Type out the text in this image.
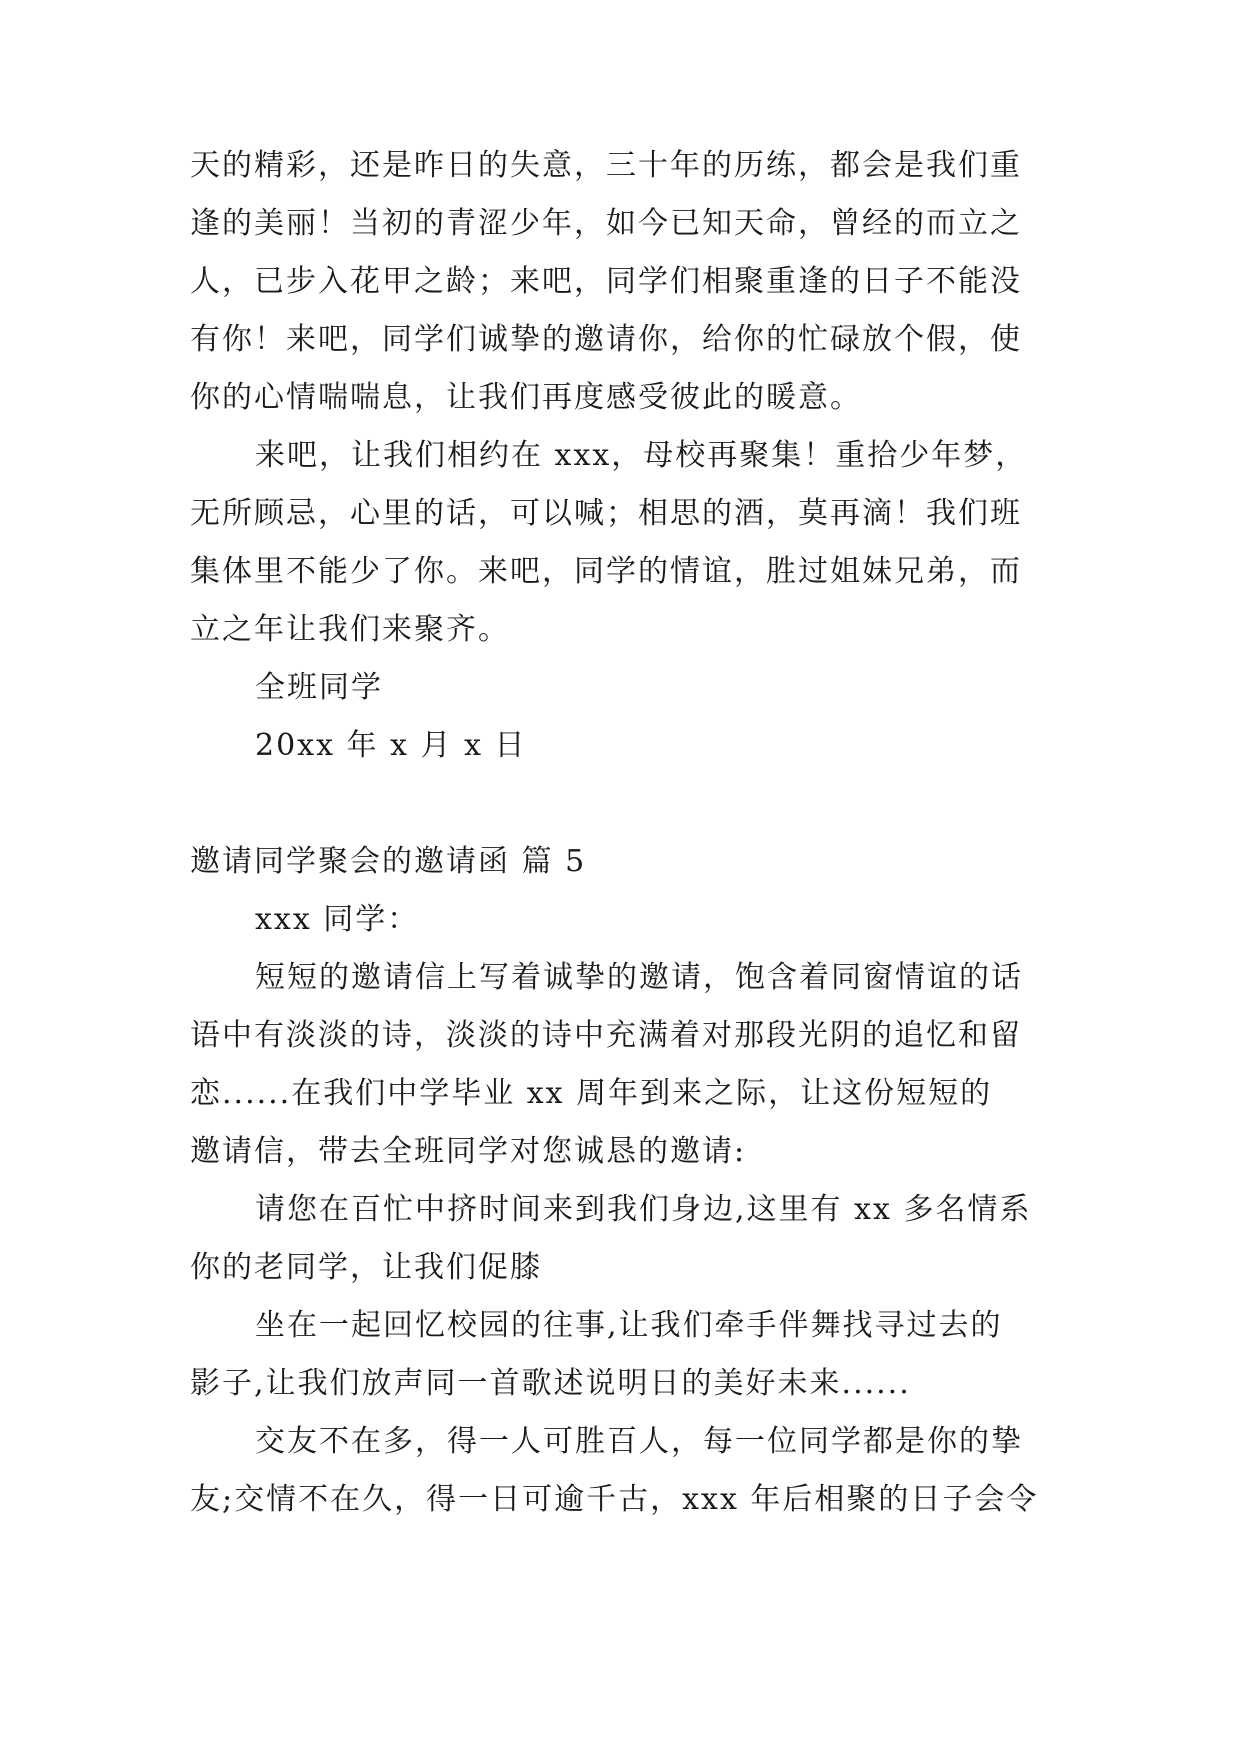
天的精彩，还是昨日的失意，三十年的历练，都会是我们重
逢的美丽！当初的青涩少年，如今已知天命，曾经的而立之
人，已步入花甲之龄；来吧，同学们相聚重逢的日子不能没
有你！来吧，同学们诚挚的邀请你，给你的忙碌放个假，使
你的心情喘喘息，让我们再度感受彼此的暖意。
来吧，让我们相约在 xxx，母校再聚集！重拾少年梦，
无所顾忌，心里的话，可以喊；相思的酒，莫再滴！我们班
集体里不能少了你。来吧，同学的情谊，胜过姐妹兄弟，而
立之年让我们来聚齐。
全班同学
20xx 年 x 月 x 日
邀请同学聚会的邀请函 篇 5
xxx 同学：
短短的邀请信上写着诚挚的邀请，饱含着同窗情谊的话
语中有淡淡的诗，淡淡的诗中充满着对那段光阴的追忆和留
恋......在我们中学毕业 xx 周年到来之际，让这份短短的
邀请信，带去全班同学对您诚恳的邀请:
请您在百忙中挤时间来到我们身边,这里有 xx 多名情系
你的老同学，让我们促膝
坐在一起回忆校园的往事,让我们牵手伴舞找寻过去的
影子,让我们放声同一首歌述说明日的美好未来......
交友不在多，得一人可胜百人，每一位同学都是你的挚
友;交情不在久，得一日可逾千古，xxx 年后相聚的日子会令
